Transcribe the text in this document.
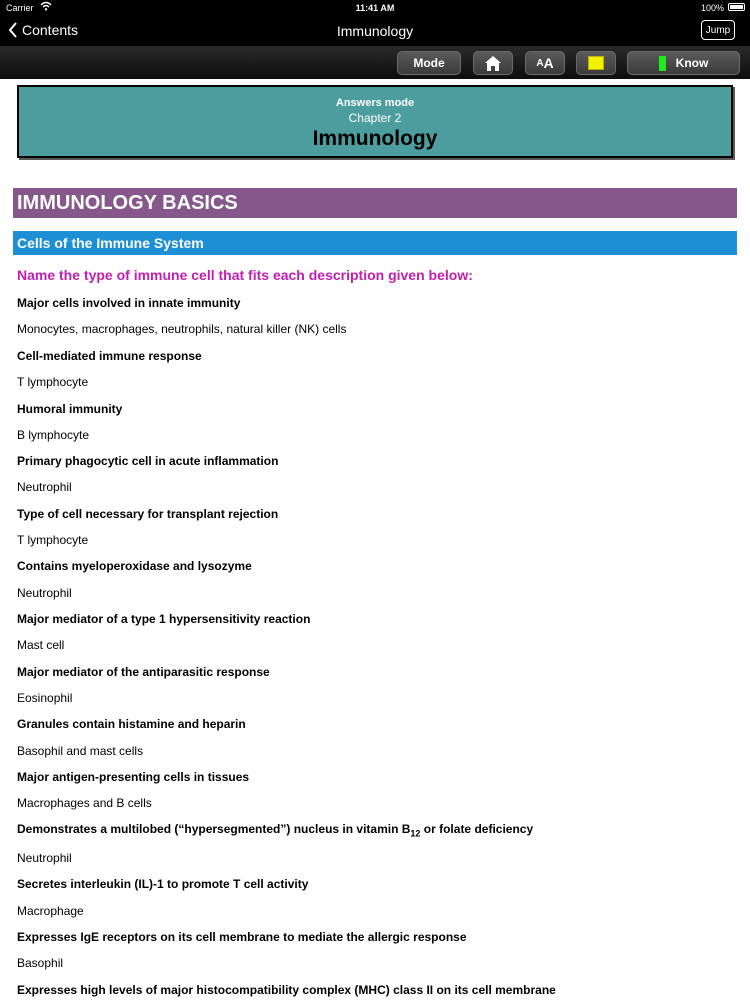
Carrier	11:41 AM	100%
Contents	Immunology	Jump
Mode	A A	Know
Answers mode
Chapter 2
Immunology
IMMUNOLOGY BASICS
Cells of the Immune System
Name the type of immune cell that fits each description given below:
Major cells involved in innate immunity
Monocytes, macrophages, neutrophils, natural killer (NK) cells
Cell-mediated immune response
T lymphocyte
Humoral immunity
B lymphocyte
Primary phagocytic cell in acute inflammation
Neutrophil
Type of cell necessary for transplant rejection
T lymphocyte
Contains myeloperoxidase and lysozyme
Neutrophil
Major mediator of a type 1 hypersensitivity reaction
Mast cell
Major mediator of the antiparasitic response
Eosinophil
Granules contain histamine and heparin
Basophil and mast cells
Major antigen-presenting cells in tissues
Macrophages and B cells
Demonstrates a multilobed (“hypersegmented”) nucleus in vitamin $B_{12}$ or folate deficiency
Neutrophil
Secretes interleukin (IL)-1 to promote T cell activity
Macrophage
Expresses IgE receptors on its cell membrane to mediate the allergic response
Basophil
Expresses high levels of major histocompatibility complex (MHC) class II on its cell membrane
